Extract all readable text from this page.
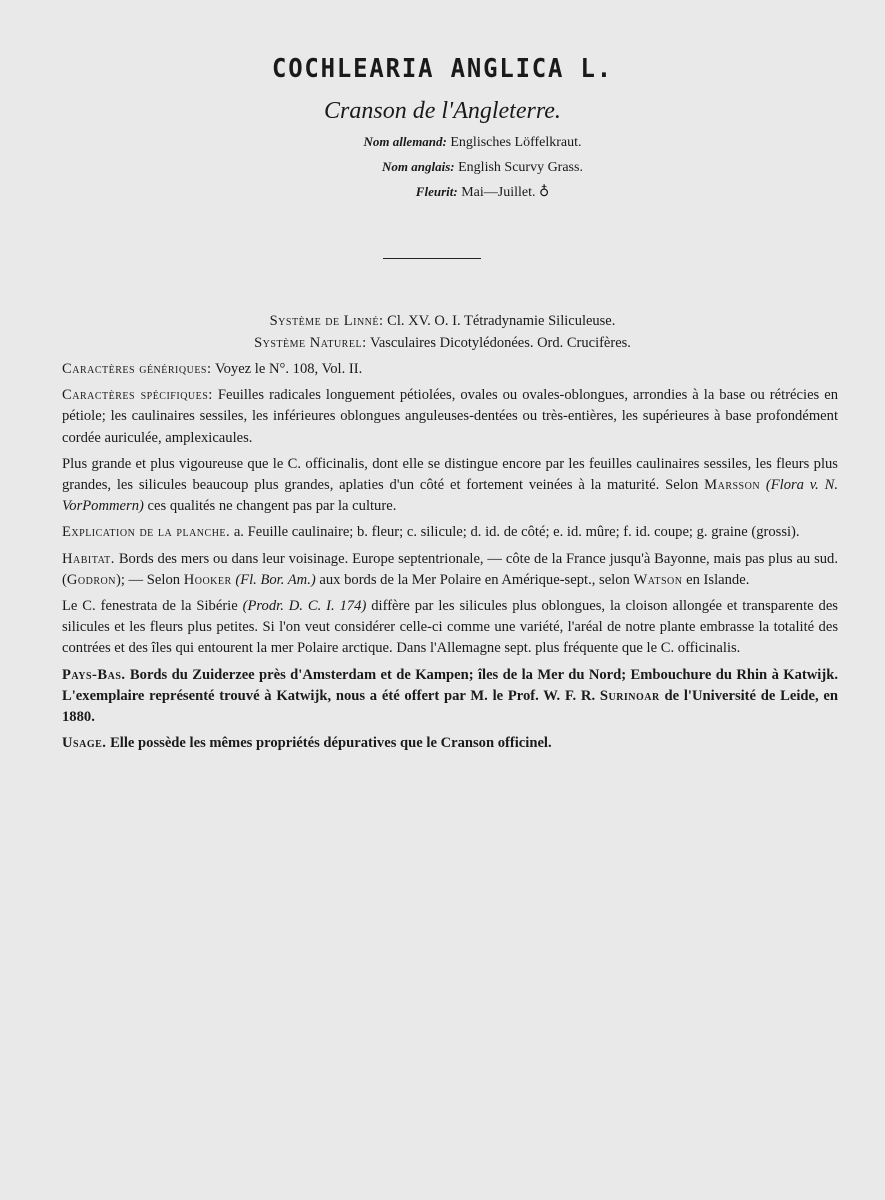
COCHLEARIA ANGLICA L.
Cranson de l'Angleterre.
Nom allemand: Englisches Löffelkraut.
Nom anglais: English Scurvy Grass.
Fleurit: Mai—Juillet. ♁
Système de Linné: Cl. XV. O. I. Tétradynamie Siliculeuse.
Système Naturel: Vasculaires Dicotylédonées. Ord. Crucifères.

Caractères génériques: Voyez le N°. 108, Vol. II.

Caractères spécifiques: Feuilles radicales longuement pétiolées, ovales ou ovales-oblongues, arrondies à la base ou rétrécies en pétiole; les caulinaires sessiles, les inférieures oblongues anguleuses-dentées ou très-entières, les supérieures à base profondément cordée auriculée, amplexicaules.

Plus grande et plus vigoureuse que le C. officinalis, dont elle se distingue encore par les feuilles caulinaires sessiles, les fleurs plus grandes, les silicules beaucoup plus grandes, aplaties d'un côté et fortement veinées à la maturité. Selon Marsson (Flora v. N. VorPommern) ces qualités ne changent pas par la culture.

Explication de la planche. a. Feuille caulinaire; b. fleur; c. silicule; d. id. de côté; e. id. mûre; f. id. coupe; g. graine (grossi).

Habitat. Bords des mers ou dans leur voisinage. Europe septentrionale, — côte de la France jusqu'à Bayonne, mais pas plus au sud. (Godron); — Selon Hooker (Fl. Bor. Am.) aux bords de la Mer Polaire en Amérique-sept., selon Watson en Islande.

Le C. fenestrata de la Sibérie (Prodr. D. C. I. 174) diffère par les silicules plus oblongues, la cloison allongée et transparente des silicules et les fleurs plus petites. Si l'on veut considérer celle-ci comme une variété, l'aréal de notre plante embrasse la totalité des contrées et des îles qui entourent la mer Polaire arctique. Dans l'Allemagne sept. plus fréquente que le C. officinalis.

Pays-Bas. Bords du Zuiderzee près d'Amsterdam et de Kampen; îles de la Mer du Nord; Embouchure du Rhin à Katwijk. L'exemplaire représenté trouvé à Katwijk, nous a été offert par M. le Prof. W. F. R. Surinoar de l'Université de Leide, en 1880.

Usage. Elle possède les mêmes propriétés dépuratives que le Cranson officinel.
